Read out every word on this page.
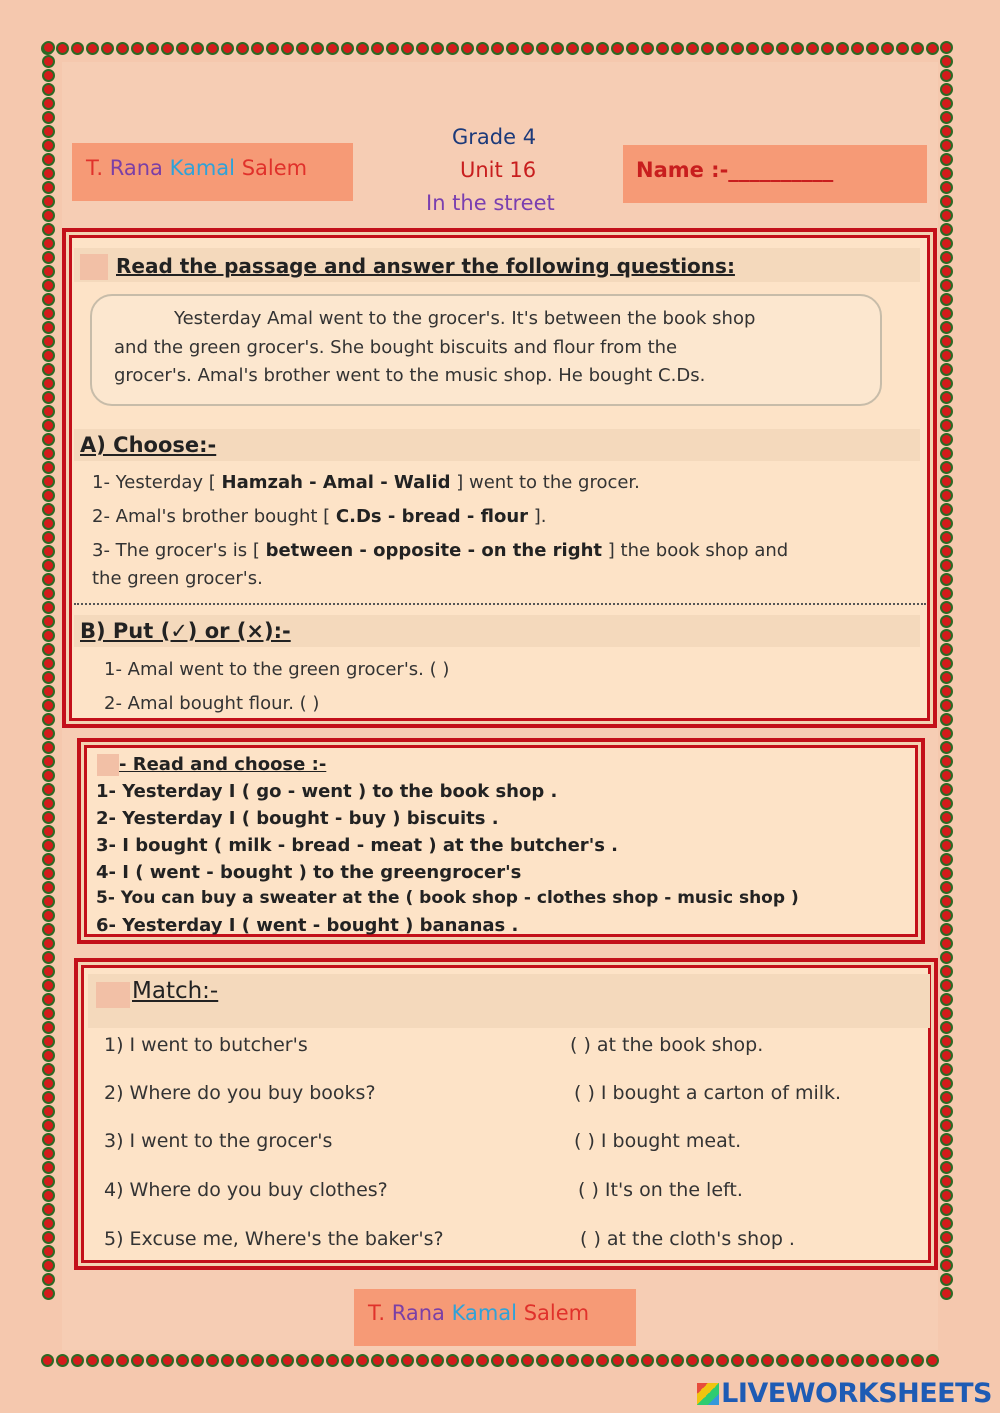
T. Rana Kamal Salem
Grade 4
Unit 16
In the street
Name :-__________
Read the passage and answer the following questions:
Yesterday Amal went to the grocer's. It's between the book shop
and the green grocer's. She bought biscuits and flour from the
grocer's. Amal's brother went to the music shop. He bought C.Ds.
A) Choose:-
1- Yesterday [ Hamzah - Amal - Walid ] went to the grocer.
2- Amal's brother bought [ C.Ds - bread - flour ].
3- The grocer's is [ between - opposite - on the right ] the book shop and
the green grocer's.
B) Put (✓) or (×):-
1- Amal went to the green grocer's. ( )
2- Amal bought flour. ( )
- Read and choose :-
1- Yesterday I ( go - went ) to the book shop .
2- Yesterday I ( bought - buy ) biscuits .
3- I bought ( milk - bread - meat ) at the butcher's .
4- I ( went - bought ) to the greengrocer's
5- You can buy a sweater at the ( book shop - clothes shop - music shop )
6- Yesterday I ( went - bought ) bananas .
Match:-
1) I went to butcher's
2) Where do you buy books?
3) I went to the grocer's
4) Where do you buy clothes?
5) Excuse me, Where's the baker's?
( ) at the book shop.
( ) I bought a carton of milk.
( ) I bought meat.
( ) It's on the left.
( ) at the cloth's shop .
T. Rana Kamal Salem
LIVEWORKSHEETS
